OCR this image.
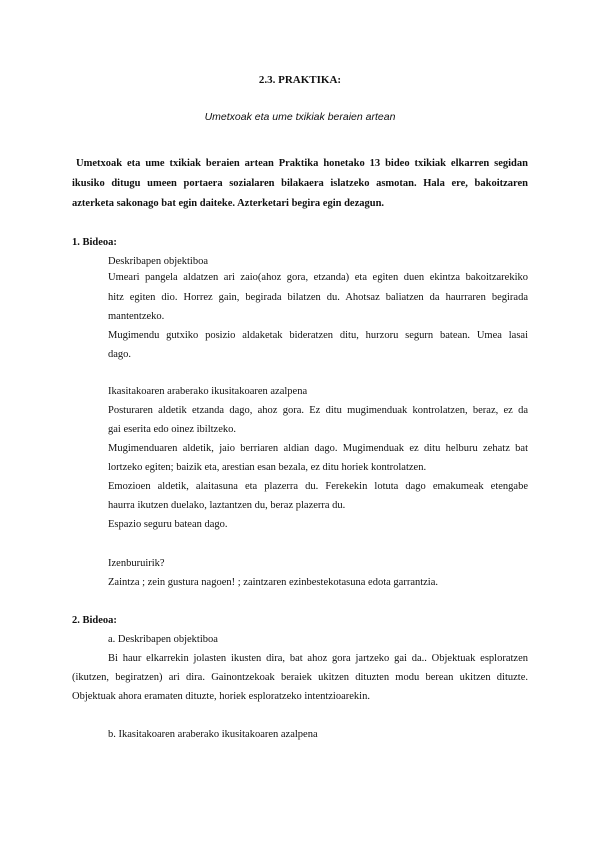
2.3. PRAKTIKA:
Umetxoak eta ume txikiak beraien artean
Umetxoak eta ume txikiak beraien artean Praktika honetako 13 bideo txikiak elkarren segidan
ikusiko ditugu umeen portaera sozialaren bilakaera islatzeko asmotan. Hala ere, bakoitzaren
azterketa sakonago bat egin daiteke. Azterketari begira egin dezagun.
1. Bideoa:
Deskribapen objektiboa
Umeari pangela aldatzen ari zaio(ahoz gora, etzanda) eta egiten duen ekintza bakoitzarekiko
hitz egiten dio. Horrez gain, begirada bilatzen du. Ahotsaz baliatzen da haurraren begirada
mantentzeko.
Mugimendu gutxiko posizio aldaketak bideratzen ditu, hurzoru segurn batean. Umea lasai
dago.
Ikasitakoaren araberako ikusitakoaren azalpena
Posturaren aldetik etzanda dago, ahoz gora. Ez ditu mugimenduak kontrolatzen, beraz, ez da
gai eserita edo oinez ibiltzeko.
Mugimenduaren aldetik, jaio berriaren aldian dago. Mugimenduak ez ditu helburu zehatz bat
lortzeko egiten; baizik eta, arestian esan bezala, ez ditu horiek kontrolatzen.
Emozioen aldetik, alaitasuna eta plazerra du. Ferekekin lotuta dago emakumeak etengabe
haurra ikutzen duelako, laztantzen du, beraz plazerra du.
Espazio seguru batean dago.
Izenburuirik?
Zaintza ; zein gustura nagoen! ; zaintzaren ezinbestekotasuna edota garrantzia.
2. Bideoa:
a. Deskribapen objektiboa
Bi haur elkarrekin jolasten ikusten dira, bat ahoz gora jartzeko gai da.. Objektuak esploratzen
(ikutzen, begiratzen) ari dira. Gainontzekoak beraiek ukitzen dituzten modu berean ukitzen dituzte.
Objektuak ahora eramaten dituzte, horiek esploratzeko intentzioarekin.
b. Ikasitakoaren araberako ikusitakoaren azalpena
